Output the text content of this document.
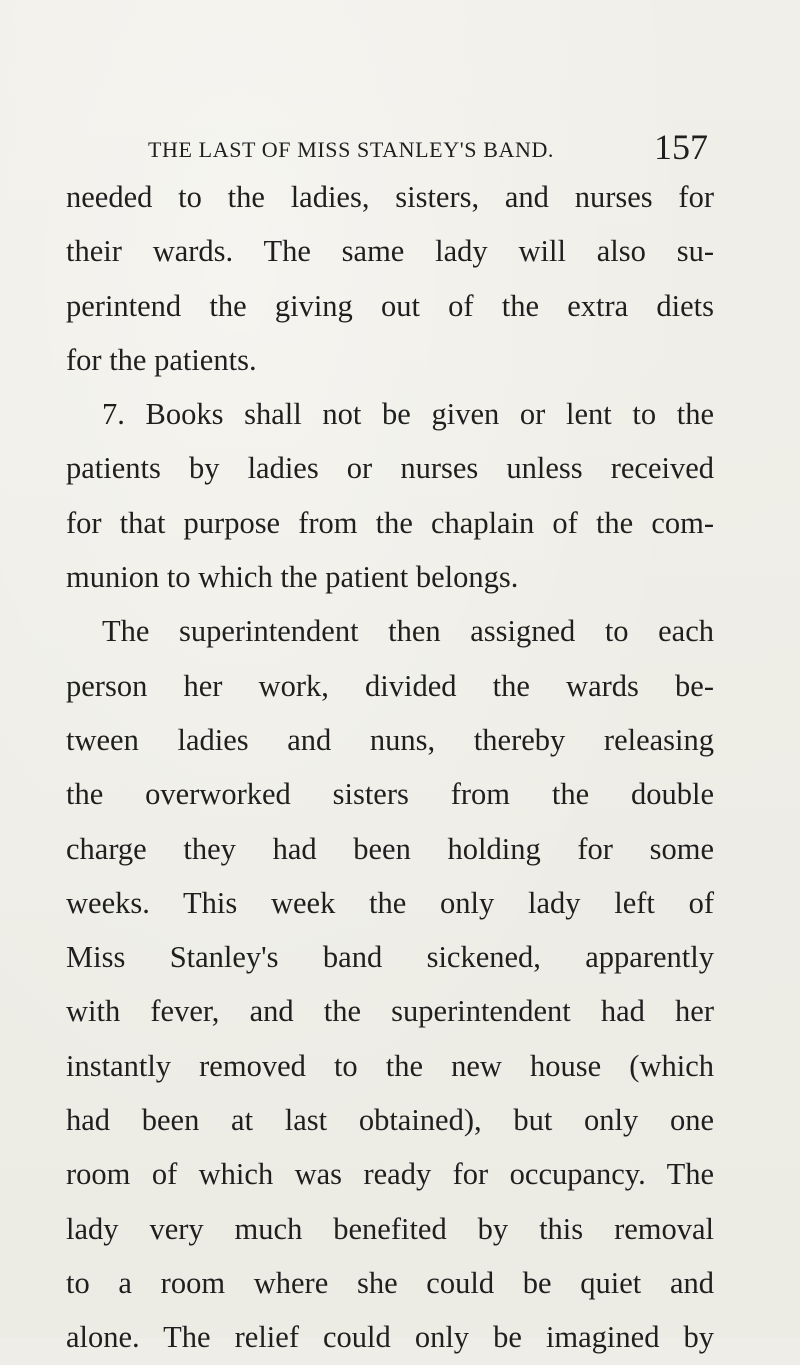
THE LAST OF MISS STANLEY'S BAND.	157
needed to the ladies, sisters, and nurses for
their wards. The same lady will also su-
perintend the giving out of the extra diets
for the patients.
7. Books shall not be given or lent to the
patients by ladies or nurses unless received
for that purpose from the chaplain of the com-
munion to which the patient belongs.
The superintendent then assigned to each
person her work, divided the wards be-
tween ladies and nuns, thereby releasing
the overworked sisters from the double
charge they had been holding for some
weeks. This week the only lady left of
Miss Stanley's band sickened, apparently
with fever, and the superintendent had her
instantly removed to the new house (which
had been at last obtained), but only one
room of which was ready for occupancy. The
lady very much benefited by this removal
to a room where she could be quiet and
alone. The relief could only be imagined by
